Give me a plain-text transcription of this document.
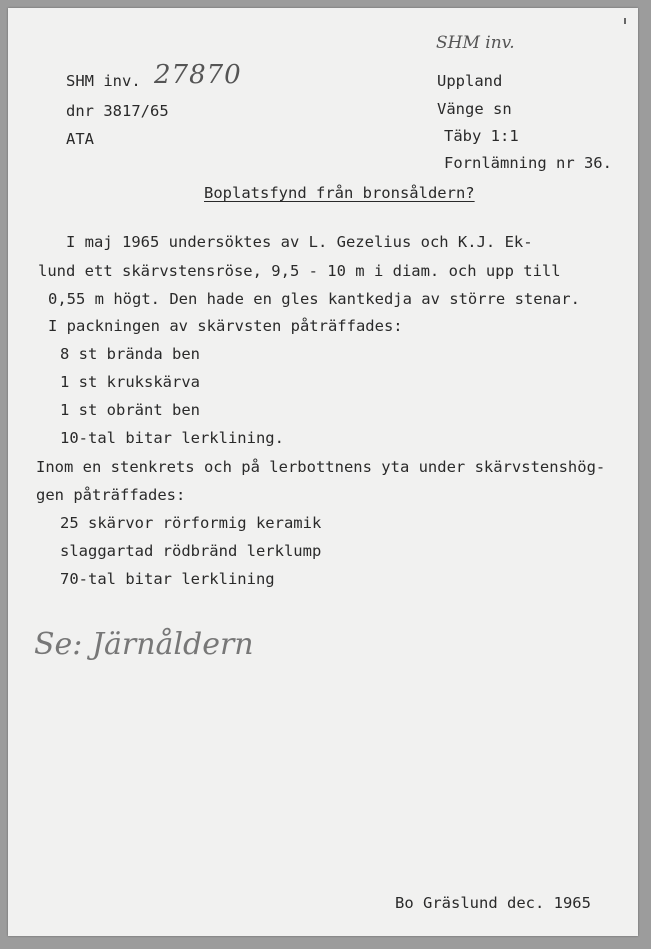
SHM inv. 27870
dnr 3817/65
ATA
SHM inv.
Uppland
Vänge sn
Täby 1:1
Fornlämning nr 36.
Boplatsfynd från bronsåldern?
I maj 1965 undersöktes av L. Gezelius och K.J. Ek-
lund ett skärvstensröse, 9,5 - 10 m i diam. och upp till
0,55 m högt. Den hade en gles kantkedja av större stenar.
I packningen av skärvsten påträffades:
8 st brända ben
1 st krukskärva
1 st obränt ben
10-tal bitar lerklining.
Inom en stenkrets och på lerbottnens yta under skärvstenshög-
gen påträffades:
25 skärvor rörformig keramik
slaggartad rödbränd lerklump
70-tal bitar lerklining
Se: Järnåldern
Bo Gräslund dec. 1965
